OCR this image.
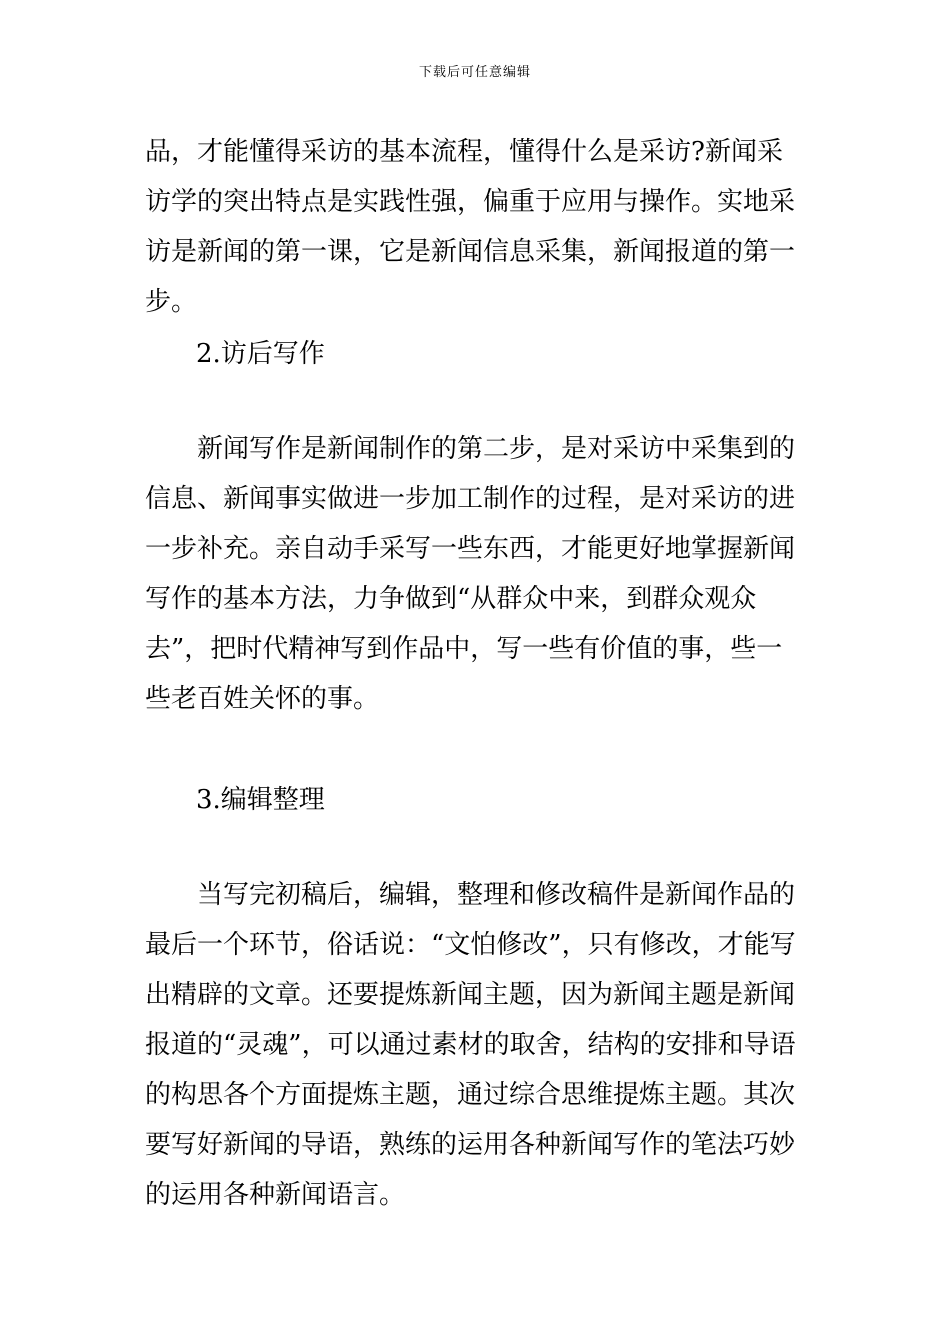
下载后可任意编辑

品，才能懂得采访的基本流程，懂得什么是采访?新闻采访学的突出特点是实践性强，偏重于应用与操作。实地采访是新闻的第一课，它是新闻信息采集，新闻报道的第一步。

2.访后写作

新闻写作是新闻制作的第二步，是对采访中采集到的信息、新闻事实做进一步加工制作的过程，是对采访的进一步补充。亲自动手采写一些东西，才能更好地掌握新闻写作的基本方法，力争做到“从群众中来，到群众观众去”，把时代精神写到作品中，写一些有价值的事，些一些老百姓关怀的事。

3.编辑整理

当写完初稿后，编辑，整理和修改稿件是新闻作品的最后一个环节，俗话说：“文怕修改”，只有修改，才能写出精辟的文章。还要提炼新闻主题，因为新闻主题是新闻报道的“灵魂”，可以通过素材的取舍，结构的安排和导语的构思各个方面提炼主题，通过综合思维提炼主题。其次要写好新闻的导语，熟练的运用各种新闻写作的笔法巧妙的运用各种新闻语言。
